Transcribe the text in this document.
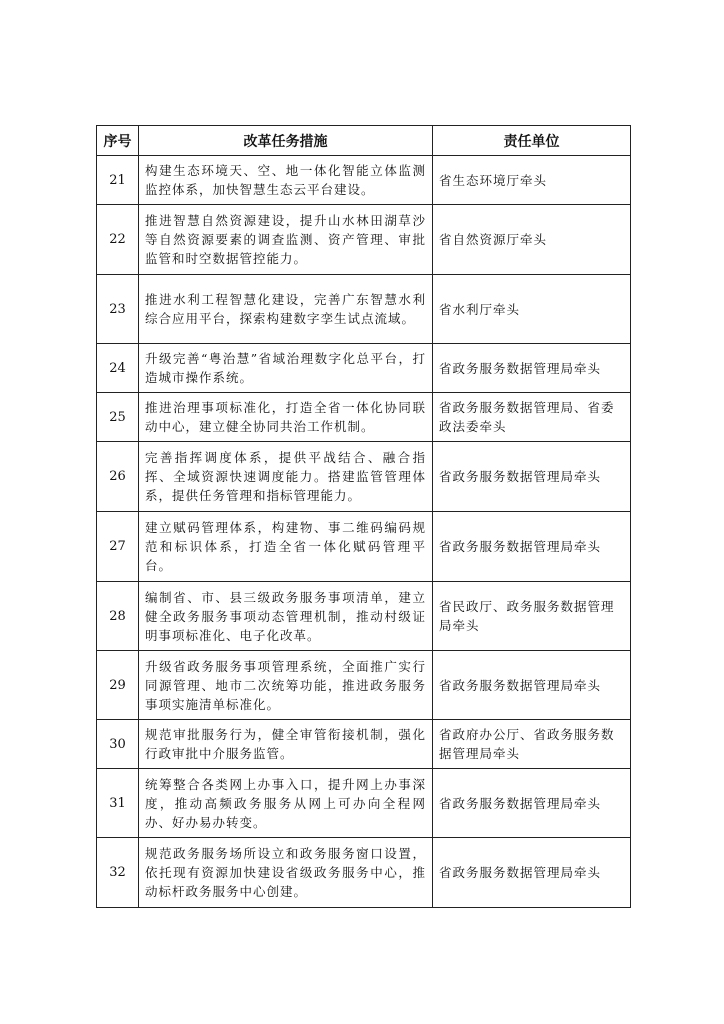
序号	改革任务措施	责任单位
21	构建生态环境天、空、地一体化智能立体监测监控体系，加快智慧生态云平台建设。	省生态环境厅牵头
22	推进智慧自然资源建设，提升山水林田湖草沙等自然资源要素的调查监测、资产管理、审批监管和时空数据管控能力。	省自然资源厅牵头
23	推进水利工程智慧化建设，完善广东智慧水利综合应用平台，探索构建数字孪生试点流域。	省水利厅牵头
24	升级完善“粤治慧”省域治理数字化总平台，打造城市操作系统。	省政务服务数据管理局牵头
25	推进治理事项标准化，打造全省一体化协同联动中心，建立健全协同共治工作机制。	省政务服务数据管理局、省委政法委牵头
26	完善指挥调度体系，提供平战结合、融合指挥、全域资源快速调度能力。搭建监管管理体系，提供任务管理和指标管理能力。	省政务服务数据管理局牵头
27	建立赋码管理体系，构建物、事二维码编码规范和标识体系，打造全省一体化赋码管理平台。	省政务服务数据管理局牵头
28	编制省、市、县三级政务服务事项清单，建立健全政务服务事项动态管理机制，推动村级证明事项标准化、电子化改革。	省民政厅、政务服务数据管理局牵头
29	升级省政务服务事项管理系统，全面推广实行同源管理、地市二次统筹功能，推进政务服务事项实施清单标准化。	省政务服务数据管理局牵头
30	规范审批服务行为，健全审管衔接机制，强化行政审批中介服务监管。	省政府办公厅、省政务服务数据管理局牵头
31	统筹整合各类网上办事入口，提升网上办事深度，推动高频政务服务从网上可办向全程网办、好办易办转变。	省政务服务数据管理局牵头
32	规范政务服务场所设立和政务服务窗口设置，依托现有资源加快建设省级政务服务中心，推动标杆政务服务中心创建。	省政务服务数据管理局牵头
